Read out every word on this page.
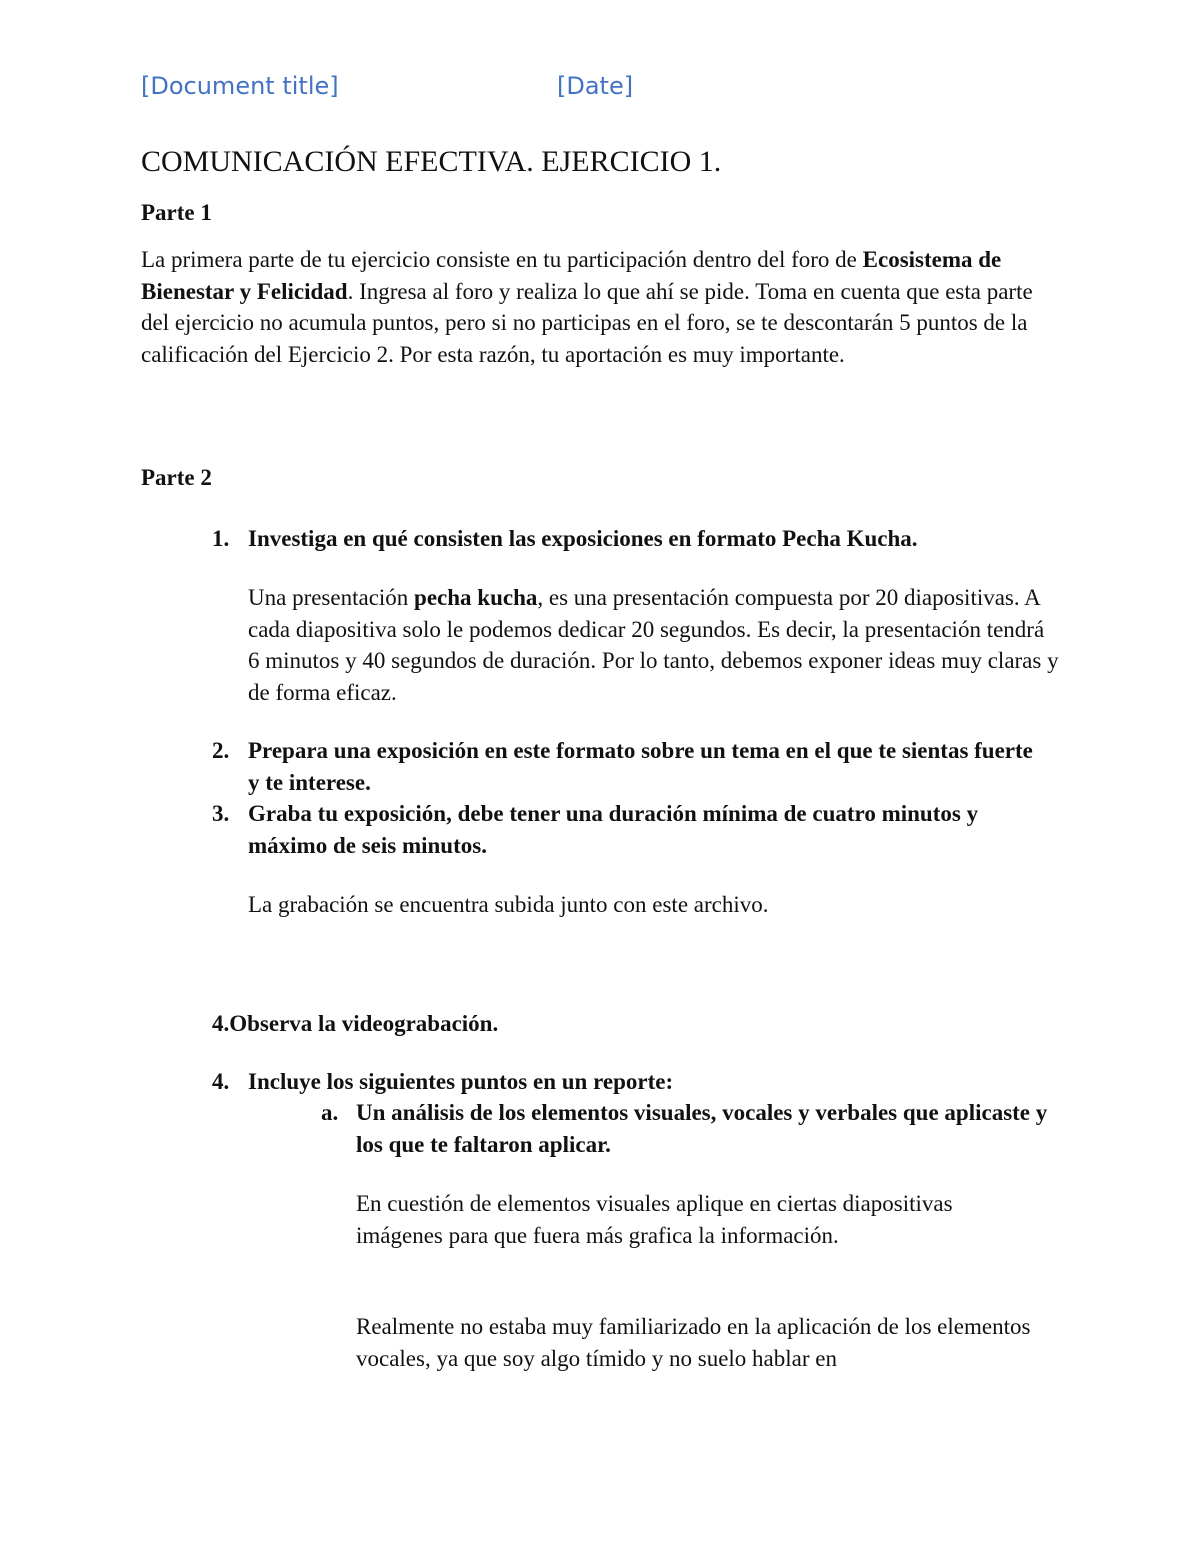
[Document title]	[Date]
COMUNICACIÓN EFECTIVA. EJERCICIO 1.
Parte 1
La primera parte de tu ejercicio consiste en tu participación dentro del foro de Ecosistema de Bienestar y Felicidad. Ingresa al foro y realiza lo que ahí se pide. Toma en cuenta que esta parte del ejercicio no acumula puntos, pero si no participas en el foro, se te descontarán 5 puntos de la calificación del Ejercicio 2. Por esta razón, tu aportación es muy importante.
Parte 2
1. Investiga en qué consisten las exposiciones en formato Pecha Kucha.
Una presentación pecha kucha, es una presentación compuesta por 20 diapositivas. A cada diapositiva solo le podemos dedicar 20 segundos. Es decir, la presentación tendrá 6 minutos y 40 segundos de duración. Por lo tanto, debemos exponer ideas muy claras y de forma eficaz.
2. Prepara una exposición en este formato sobre un tema en el que te sientas fuerte y te interese.
3. Graba tu exposición, debe tener una duración mínima de cuatro minutos y máximo de seis minutos.
La grabación se encuentra subida junto con este archivo.
4.Observa la videograbación.
4. Incluye los siguientes puntos en un reporte:
a. Un análisis de los elementos visuales, vocales y verbales que aplicaste y los que te faltaron aplicar.
En cuestión de elementos visuales aplique en ciertas diapositivas imágenes para que fuera más grafica la información.
Realmente no estaba muy familiarizado en la aplicación de los elementos vocales, ya que soy algo tímido y no suelo hablar en
